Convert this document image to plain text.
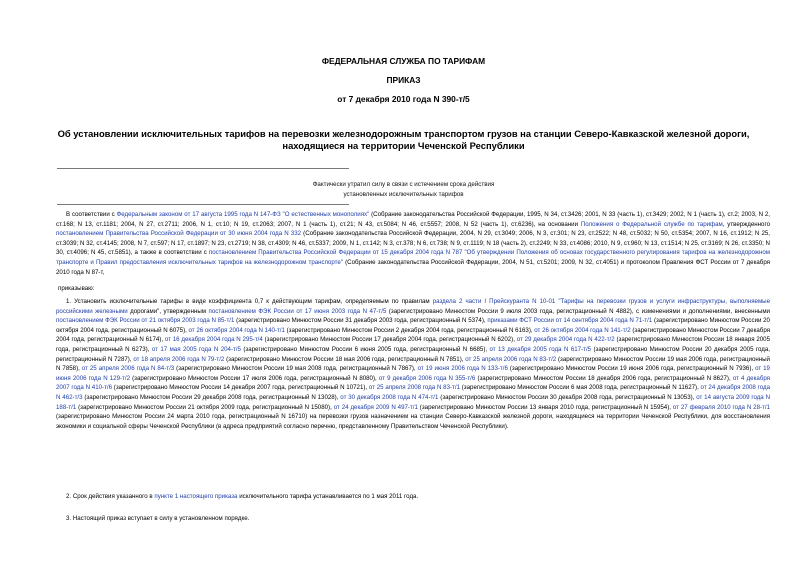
ФЕДЕРАЛЬНАЯ СЛУЖБА ПО ТАРИФАМ
ПРИКАЗ
от 7 декабря 2010 года N 390-т/5
Об установлении исключительных тарифов на перевозки железнодорожным транспортом грузов на станции Северо-Кавказской железной дороги, находящиеся на территории Чеченской Республики
Фактически утратил силу в связи с истечением срока действия
установленных исключительных тарифов
В соответствии с Федеральным законом от 17 августа 1995 года N 147-ФЗ "О естественных монополиях" (Собрание законодательства Российской Федерации, 1995, N 34, ст.3426; 2001, N 33 (часть 1), ст.3429; 2002, N 1 (часть 1), ст.2; 2003, N 2, ст.168; N 13, ст.1181; 2004, N 27, ст.2711; 2006, N 1, ст.10; N 19, ст.2063; 2007, N 1 (часть 1), ст.21; N 43, ст.5084; N 46, ст.5557; 2008, N 52 (часть 1), ст.6236), на основании Положения о Федеральной службе по тарифам, утвержденного постановлением Правительства Российской Федерации от 30 июня 2004 года N 332 (Собрание законодательства Российской Федерации, 2004, N 29, ст.3049; 2006, N 3, ст.301; N 23, ст.2522; N 48, ст.5032; N 50, ст.5354; 2007, N 16, ст.1912; N 25, ст.3039; N 32, ст.4145; 2008, N 7, ст.597; N 17, ст.1897; N 23, ст.2719; N 38, ст.4309; N 46, ст.5337; 2009, N 1, ст.142; N 3, ст.378; N 6, ст.738; N 9, ст.1119; N 18 (часть 2), ст.2249; N 33, ст.4086; 2010, N 9, ст.960; N 13, ст.1514; N 25, ст.3169; N 26, ст.3350; N 30, ст.4096; N 45, ст.5851), а также в соответствии с постановлением Правительства Российской Федерации от 15 декабря 2004 года N 787 "Об утверждении Положения об основах государственного регулирования тарифов на железнодорожном транспорте и Правил предоставления исключительных тарифов на железнодорожном транспорте" (Собрание законодательства Российской Федерации, 2004, N 51, ст.5201; 2009, N 32, ст.4051) и протоколом Правления ФСТ России от 7 декабря 2010 года N 87-т,
приказываю:
1. Установить исключительные тарифы в виде коэффициента 0,7 к действующим тарифам, определяемым по правилам раздела 2 части I Прейскуранта N 10-01 "Тарифы на перевозки грузов и услуги инфраструктуры, выполняемые российскими железными дорогами", утвержденным постановлением ФЭК России от 17 июня 2003 года N 47-т/5 (зарегистрировано Минюстом России 9 июля 2003 года, регистрационный N 4882), с изменениями и дополнениями, внесенными постановлением ФЭК России от 21 октября 2003 года N 85-т/1 (зарегистрировано Минюстом России 31 декабря 2003 года, регистрационный N 5374), приказами ФСТ России от 14 сентября 2004 года N 71-т/1 (зарегистрировано Минюстом России 20 октября 2004 года, регистрационный N 6075), от 26 октября 2004 года N 140-т/1 (зарегистрировано Минюстом России 2 декабря 2004 года, регистрационный N 6163), от 26 октября 2004 года N 141-т/2 (зарегистрировано Минюстом России 7 декабря 2004 года, регистрационный N 6174), от 16 декабря 2004 года N 295-т/4 (зарегистрировано Минюстом России 17 декабря 2004 года, регистрационный N 6202), от 29 декабря 2004 года N 422-т/2 (зарегистрировано Минюстом России 18 января 2005 года, регистрационный N 6273), от 17 мая 2005 года N 204-т/5 (зарегистрировано Минюстом России 6 июня 2005 года, регистрационный N 6685), от 13 декабря 2005 года N 617-т/5 (зарегистрировано Минюстом России 20 декабря 2005 года, регистрационный N 7287), от 18 апреля 2006 года N 79-т/2 (зарегистрировано Минюстом России 18 мая 2006 года, регистрационный N 7851), от 25 апреля 2006 года N 83-т/2 (зарегистрировано Минюстом России 19 мая 2006 года, регистрационный N 7858), от 25 апреля 2006 года N 84-т/3 (зарегистрировано Минюстом России 19 мая 2008 года, регистрационный N 7867), от 19 июня 2006 года N 133-т/6 (зарегистрировано Минюстом России 19 июня 2006 года, регистрационный N 7936), от 19 июня 2006 года N 129-т/2 (зарегистрировано Минюстом России 17 июля 2006 года, регистрационный N 8080), от 9 декабря 2006 года N 355-т/6 (зарегистрировано Минюстом России 18 декабря 2006 года, регистрационный N 8627), от 4 декабря 2007 года N 410-т/6 (зарегистрировано Минюстом России 14 декабря 2007 года, регистрационный N 10721), от 25 апреля 2008 года N 83-т/1 (зарегистрировано Минюстом России 6 мая 2008 года, регистрационный N 11627), от 24 декабря 2008 года N 462-т/3 (зарегистрировано Минюстом России 29 декабря 2008 года, регистрационный N 13028), от 30 декабря 2008 года N 474-т/1 (зарегистрировано Минюстом России 30 декабря 2008 года, регистрационный N 13053), от 14 августа 2009 года N 188-т/1 (зарегистрировано Минюстом России 21 октября 2009 года, регистрационный N 15080), от 24 декабря 2009 N 497-т/1 (зарегистрировано Минюстом России 13 января 2010 года, регистрационный N 15954), от 27 февраля 2010 года N 28-т/1 (зарегистрировано Минюстом России 24 марта 2010 года, регистрационный N 16710) на перевозки грузов назначением на станции Северо-Кавказской железной дороги, находящиеся на территории Чеченской Республики, для восстановления экономики и социальной сферы Чеченской Республики (в адреса предприятий согласно перечню, представленному Правительством Чеченской Республики).
2. Срок действия указанного в пункте 1 настоящего приказа исключительного тарифа устанавливается по 1 мая 2011 года.
3. Настоящий приказ вступает в силу в установленном порядке.
